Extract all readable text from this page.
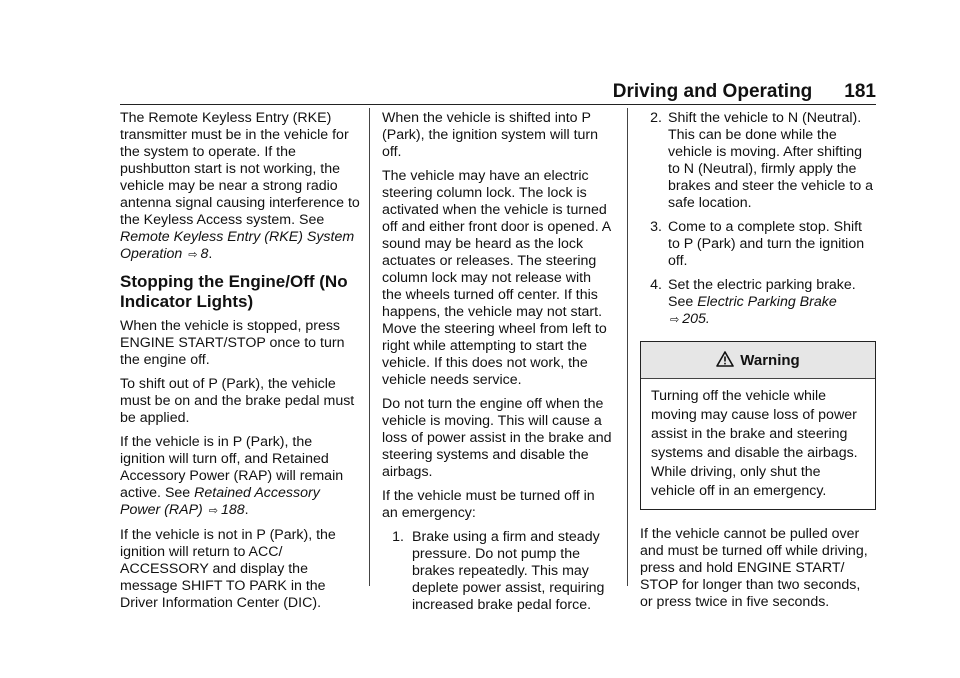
Driving and Operating 181

The Remote Keyless Entry (RKE) transmitter must be in the vehicle for the system to operate. If the pushbutton start is not working, the vehicle may be near a strong radio antenna signal causing interference to the Keyless Access system. See Remote Keyless Entry (RKE) System Operation ⇨ 8.

Stopping the Engine/Off (No Indicator Lights)

When the vehicle is stopped, press ENGINE START/STOP once to turn the engine off.

To shift out of P (Park), the vehicle must be on and the brake pedal must be applied.

If the vehicle is in P (Park), the ignition will turn off, and Retained Accessory Power (RAP) will remain active. See Retained Accessory Power (RAP) ⇨ 188.

If the vehicle is not in P (Park), the ignition will return to ACC/ ACCESSORY and display the message SHIFT TO PARK in the Driver Information Center (DIC).

When the vehicle is shifted into P (Park), the ignition system will turn off.

The vehicle may have an electric steering column lock. The lock is activated when the vehicle is turned off and either front door is opened. A sound may be heard as the lock actuates or releases. The steering column lock may not release with the wheels turned off center. If this happens, the vehicle may not start. Move the steering wheel from left to right while attempting to start the vehicle. If this does not work, the vehicle needs service.

Do not turn the engine off when the vehicle is moving. This will cause a loss of power assist in the brake and steering systems and disable the airbags.

If the vehicle must be turned off in an emergency:

1. Brake using a firm and steady pressure. Do not pump the brakes repeatedly. This may deplete power assist, requiring increased brake pedal force.
2. Shift the vehicle to N (Neutral). This can be done while the vehicle is moving. After shifting to N (Neutral), firmly apply the brakes and steer the vehicle to a safe location.
3. Come to a complete stop. Shift to P (Park) and turn the ignition off.
4. Set the electric parking brake. See Electric Parking Brake
⇨ 205.
Warning
Turning off the vehicle while moving may cause loss of power assist in the brake and steering systems and disable the airbags. While driving, only shut the vehicle off in an emergency.

If the vehicle cannot be pulled over and must be turned off while driving, press and hold ENGINE START/ STOP for longer than two seconds, or press twice in five seconds.
